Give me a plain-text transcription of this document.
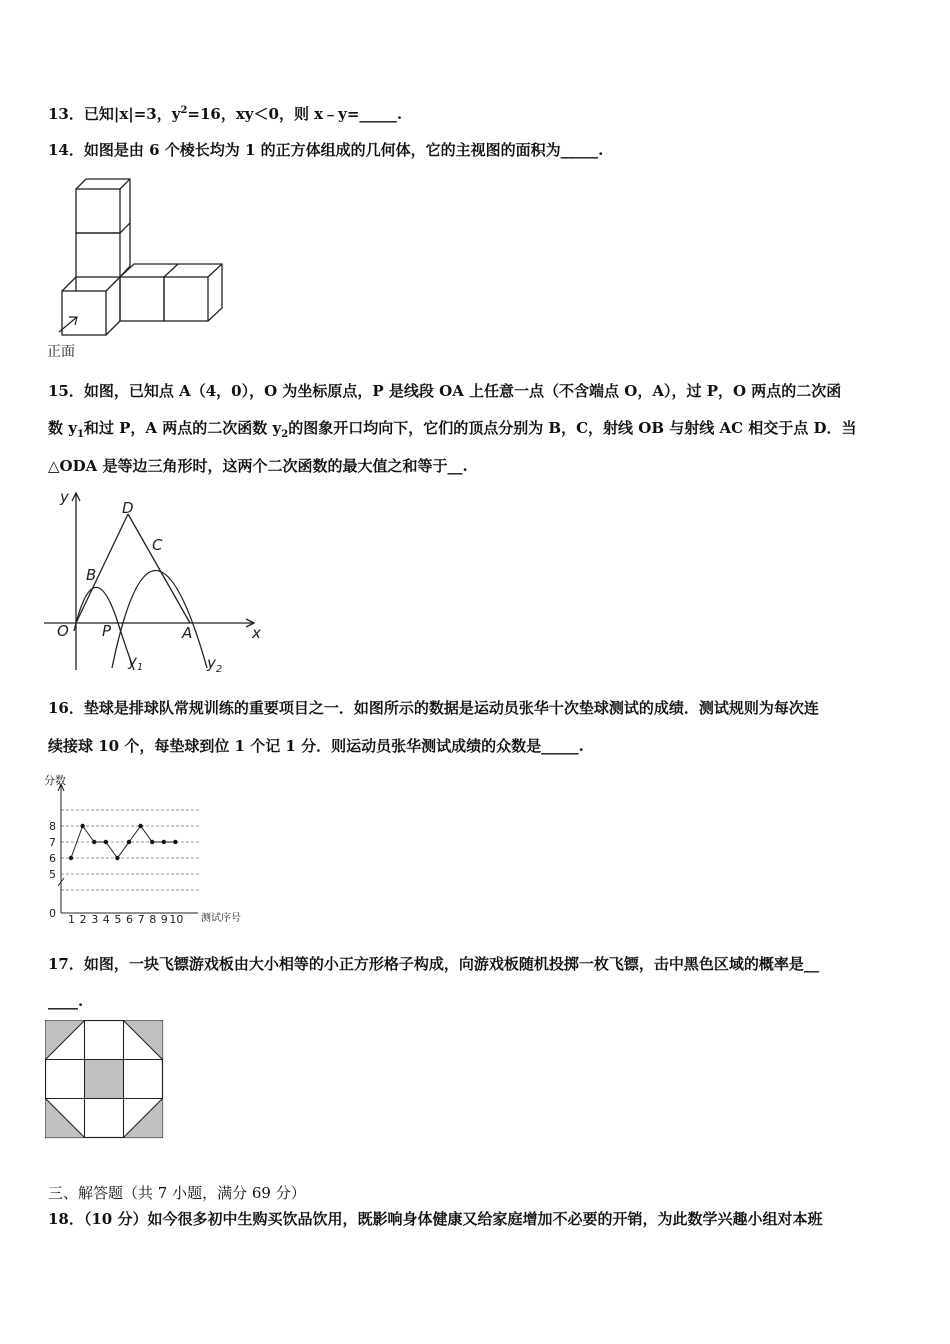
13．已知|x|=3，$y^2=16$，xy＜0，则 x﹣y=_____.
14．如图是由 6 个棱长均为 1 的正方体组成的几何体，它的主视图的面积为_____.
正面
15．如图，已知点 A（4，0），O 为坐标原点，P 是线段 OA 上任意一点（不含端点 O，A），过 P，O 两点的二次函
数 $y_1$和过 P，A 两点的二次函数 $y_2$的图象开口均向下，它们的顶点分别为 B，C，射线 OB 与射线 AC 相交于点 D．当
△ODA 是等边三角形时，这两个二次函数的最大值之和等于__.
y
x
O P	A
B
C
D
$y_1$	$y_2$
16．垫球是排球队常规训练的重要项目之一．如图所示的数据是运动员张华十次垫球测试的成绩．测试规则为每次连
续接球 10 个，每垫球到位 1 个记 1 分．则运动员张华测试成绩的众数是_____.
0
5
6
7
8
1 2 3 4 5 6 7 8 9 10
分数
测试序号
17．如图，一块飞镖游戏板由大小相等的小正方形格子构成，向游戏板随机投掷一枚飞镖，击中黑色区域的概率是__
____.
三、解答题（共 7 小题，满分 69 分）
18．（10 分）如今很多初中生购买饮品饮用，既影响身体健康又给家庭增加不必要的开销，为此数学兴趣小组对本班
